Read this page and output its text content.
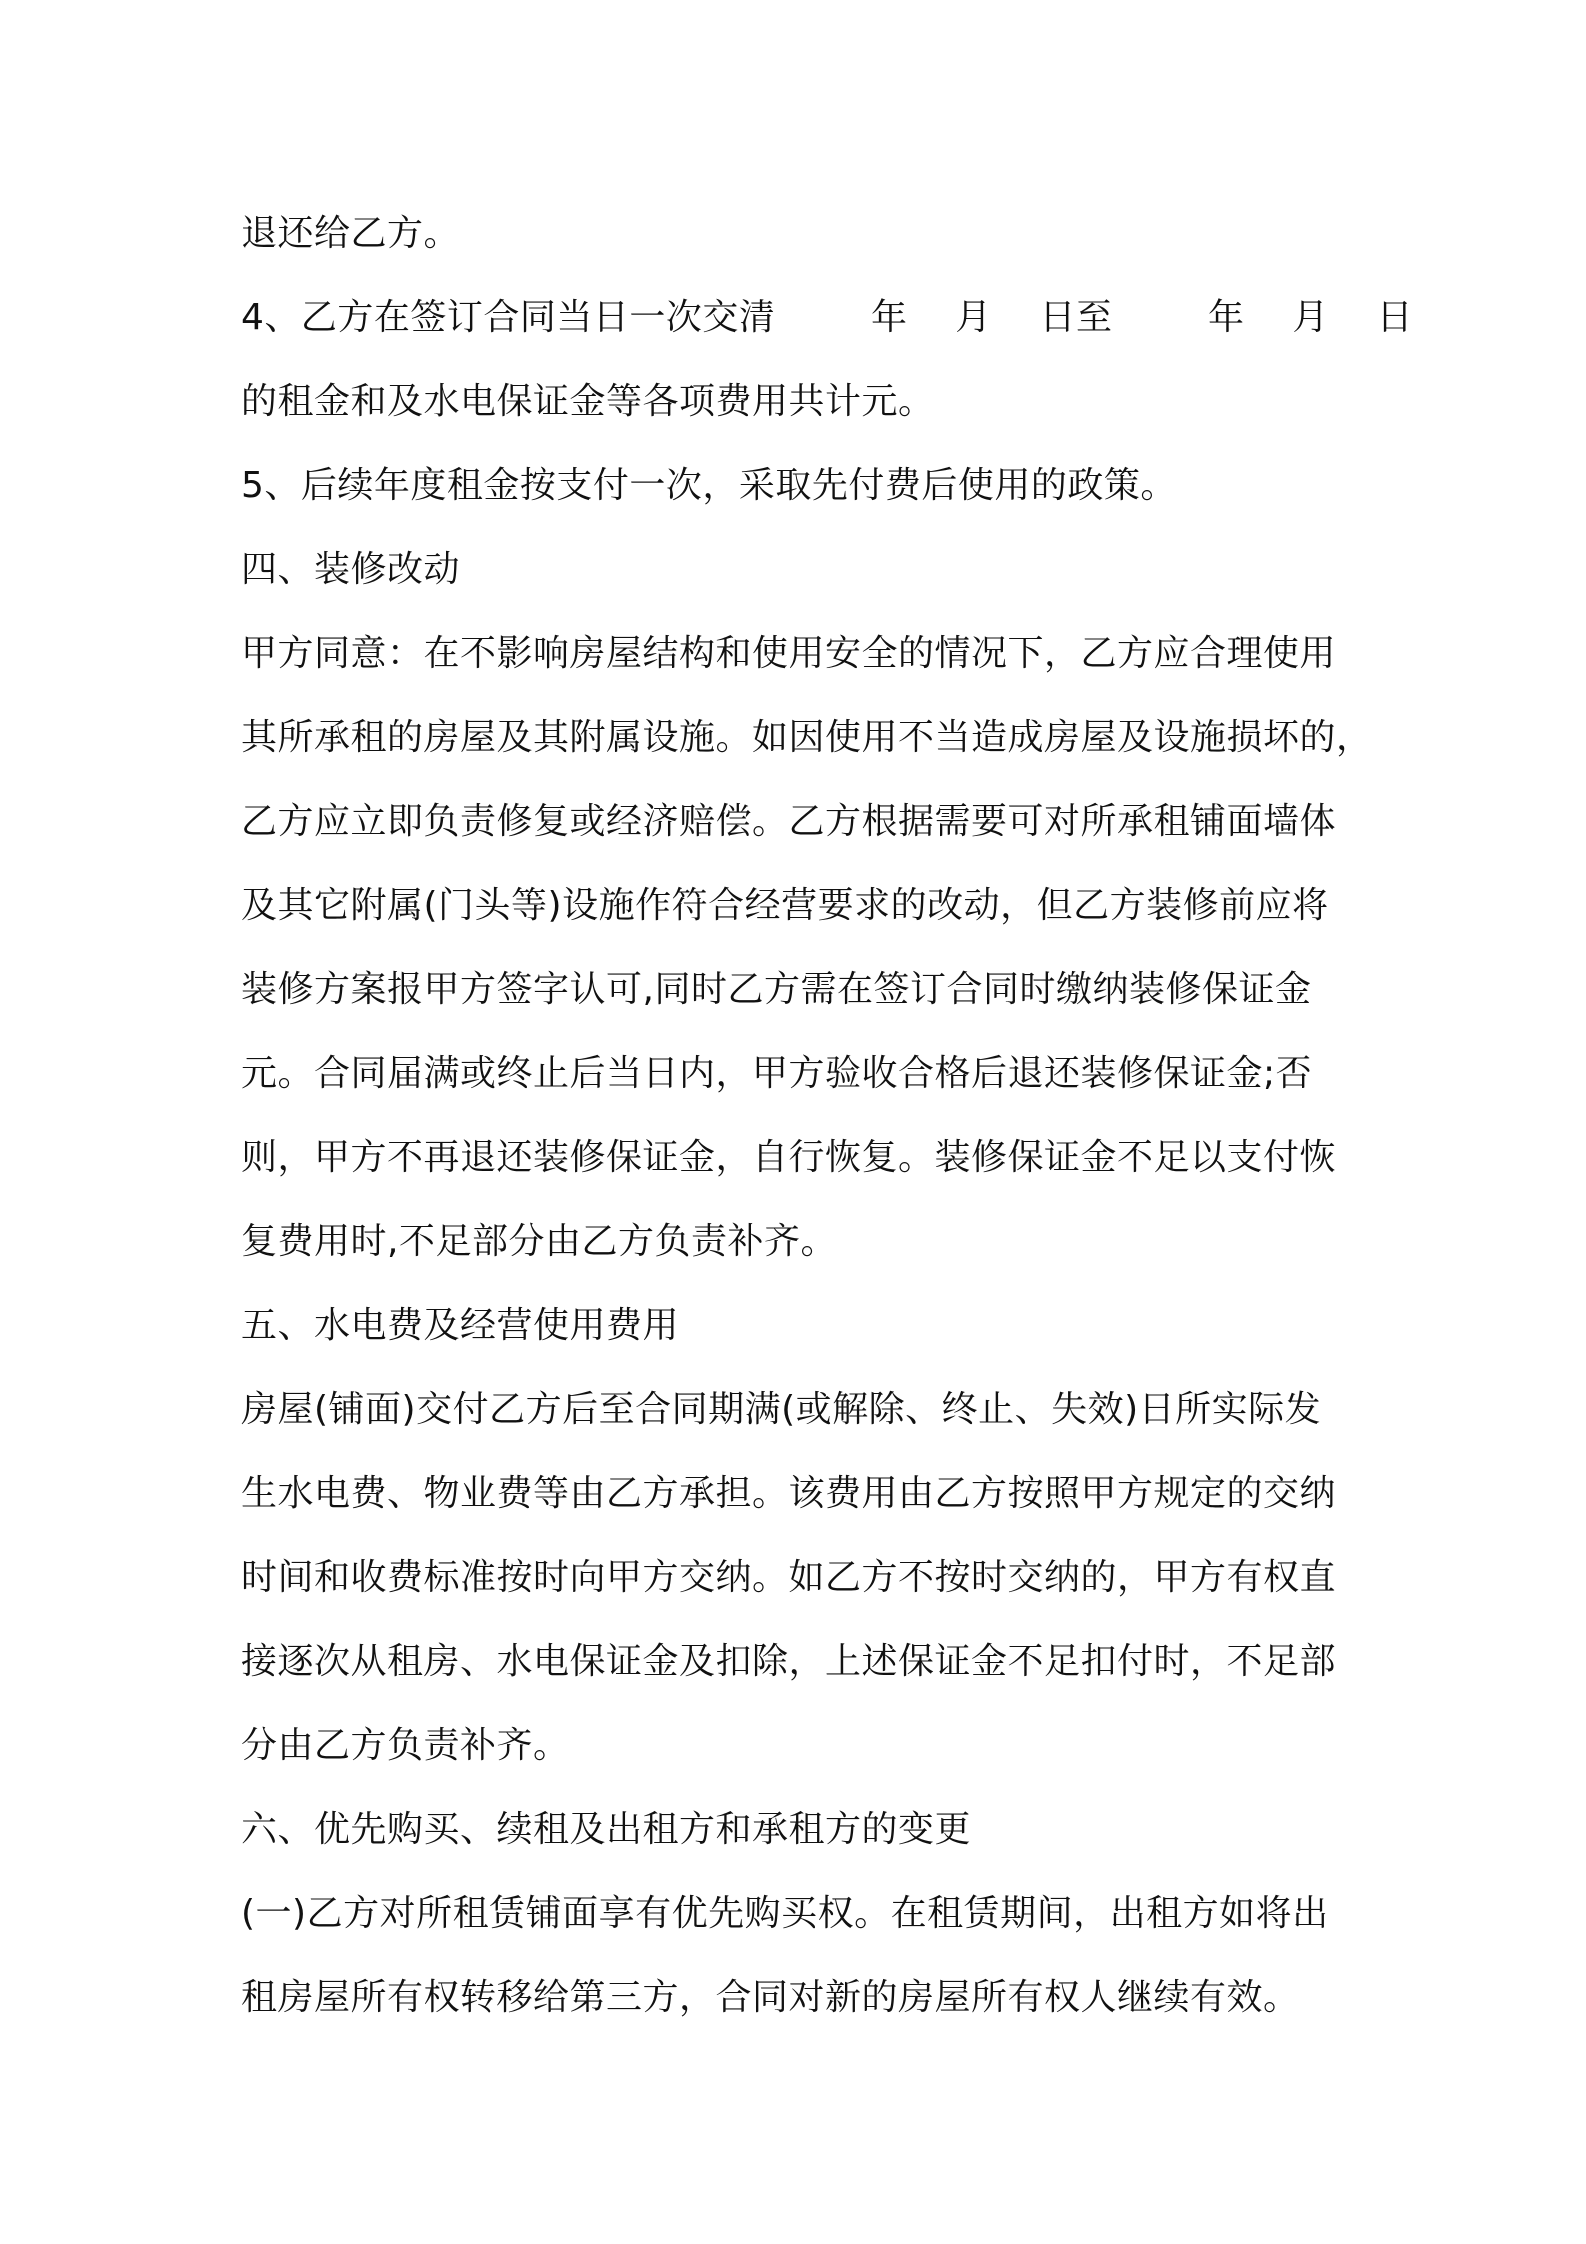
退还给乙方。
4、乙方在签订合同当日一次交清        年    月    日至        年    月    日
的租金和及水电保证金等各项费用共计元。
5、后续年度租金按支付一次，采取先付费后使用的政策。
四、装修改动
甲方同意：在不影响房屋结构和使用安全的情况下，乙方应合理使用
其所承租的房屋及其附属设施。如因使用不当造成房屋及设施损坏的，
乙方应立即负责修复或经济赔偿。乙方根据需要可对所承租铺面墙体
及其它附属(门头等)设施作符合经营要求的改动，但乙方装修前应将
装修方案报甲方签字认可,同时乙方需在签订合同时缴纳装修保证金
元。合同届满或终止后当日内，甲方验收合格后退还装修保证金;否
则，甲方不再退还装修保证金，自行恢复。装修保证金不足以支付恢
复费用时,不足部分由乙方负责补齐。
五、水电费及经营使用费用
房屋(铺面)交付乙方后至合同期满(或解除、终止、失效)日所实际发
生水电费、物业费等由乙方承担。该费用由乙方按照甲方规定的交纳
时间和收费标准按时向甲方交纳。如乙方不按时交纳的，甲方有权直
接逐次从租房、水电保证金及扣除，上述保证金不足扣付时，不足部
分由乙方负责补齐。
六、优先购买、续租及出租方和承租方的变更
(一)乙方对所租赁铺面享有优先购买权。在租赁期间，出租方如将出
租房屋所有权转移给第三方，合同对新的房屋所有权人继续有效。
